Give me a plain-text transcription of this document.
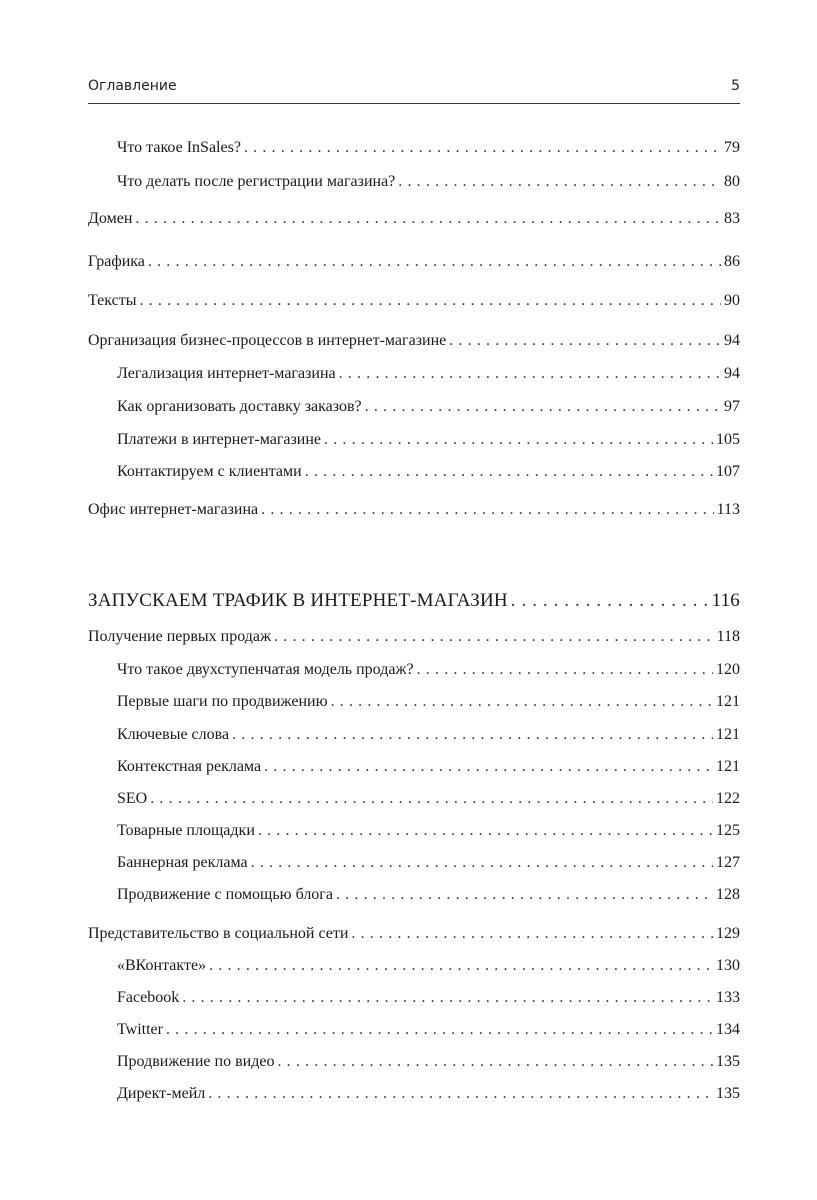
Оглавление	5
Что такое InSales? . . .	79
Что делать после регистрации магазина? . . .	80
Домен . . .	83
Графика . . .	86
Тексты . . .	90
Организация бизнес-процессов в интернет-магазине . . .	94
Легализация интернет-магазина . . .	94
Как организовать доставку заказов? . . .	97
Платежи в интернет-магазине . . .	105
Контактируем с клиентами . . .	107
Офис интернет-магазина . . .	113
ЗАПУСКАЕМ ТРАФИК В ИНТЕРНЕТ-МАГАЗИН . . .	116
Получение первых продаж . . .	118
Что такое двухступенчатая модель продаж? . . .	120
Первые шаги по продвижению . . .	121
Ключевые слова . . .	121
Контекстная реклама . . .	121
SEO . . .	122
Товарные площадки . . .	125
Баннерная реклама . . .	127
Продвижение с помощью блога . . .	128
Представительство в социальной сети . . .	129
«ВКонтакте» . . .	130
Facebook . . .	133
Twitter . . .	134
Продвижение по видео . . .	135
Директ-мейл . . .	135
